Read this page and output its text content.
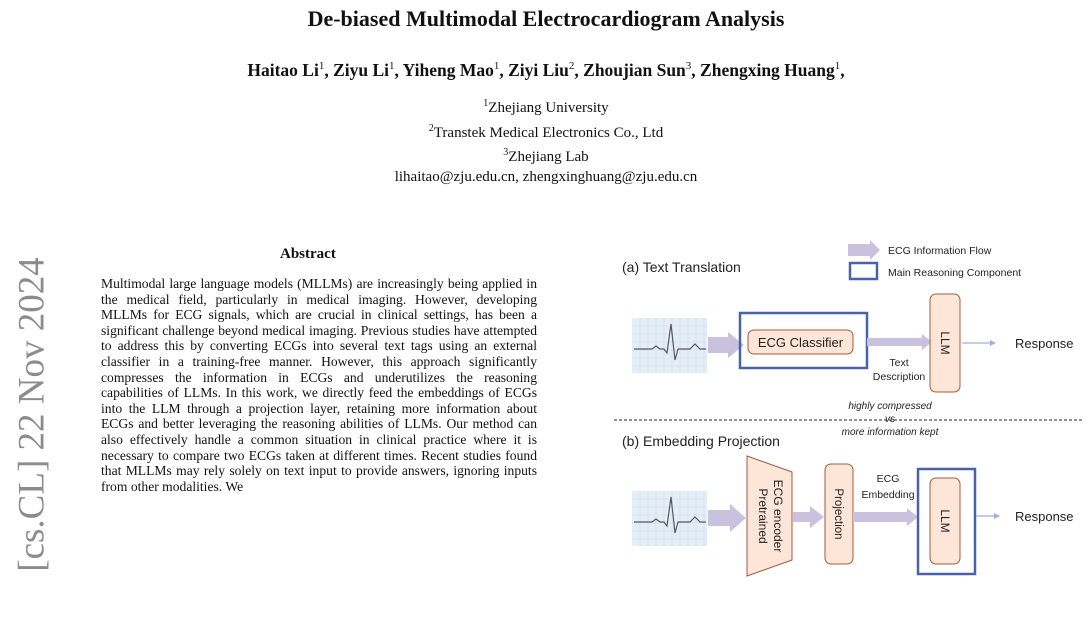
De-biased Multimodal Electrocardiogram Analysis
Haitao Li$^1$, Ziyu Li$^1$, Yiheng Mao$^1$, Ziyi Liu$^2$, Zhoujian Sun$^3$, Zhengxing Huang$^1$,
$^1$Zhejiang University
$^2$Transtek Medical Electronics Co., Ltd
$^3$Zhejiang Lab
lihaitao@zju.edu.cn, zhengxinghuang@zju.edu.cn
[cs.CL] 22 Nov 2024
Abstract

Multimodal large language models (MLLMs) are increasingly being applied in the medical field, particularly in medical imaging. However, developing MLLMs for ECG signals, which are crucial in clinical settings, has been a significant challenge beyond medical imaging. Previous studies have attempted to address this by converting ECGs into several text tags using an external classifier in a training-free manner. However, this approach significantly compresses the information in ECGs and underutilizes the reasoning capabilities of LLMs. In this work, we directly feed the embeddings of ECGs into the LLM through a projection layer, retaining more information about ECGs and better leveraging the reasoning abilities of LLMs. Our method can also effectively handle a common situation in clinical practice where it is necessary to compare two ECGs taken at different times. Recent studies found that MLLMs may rely solely on text input to provide answers, ignoring inputs from other modalities. We

ECG Information Flow
Main Reasoning Component
(a) Text Translation
ECG Classifier
Text
Description
LLM	Response
highly compressed
vs
more information kept
(b) Embedding Projection
Pretrained ECG encoder	Projection
ECG
Embedding
LLM	Response
